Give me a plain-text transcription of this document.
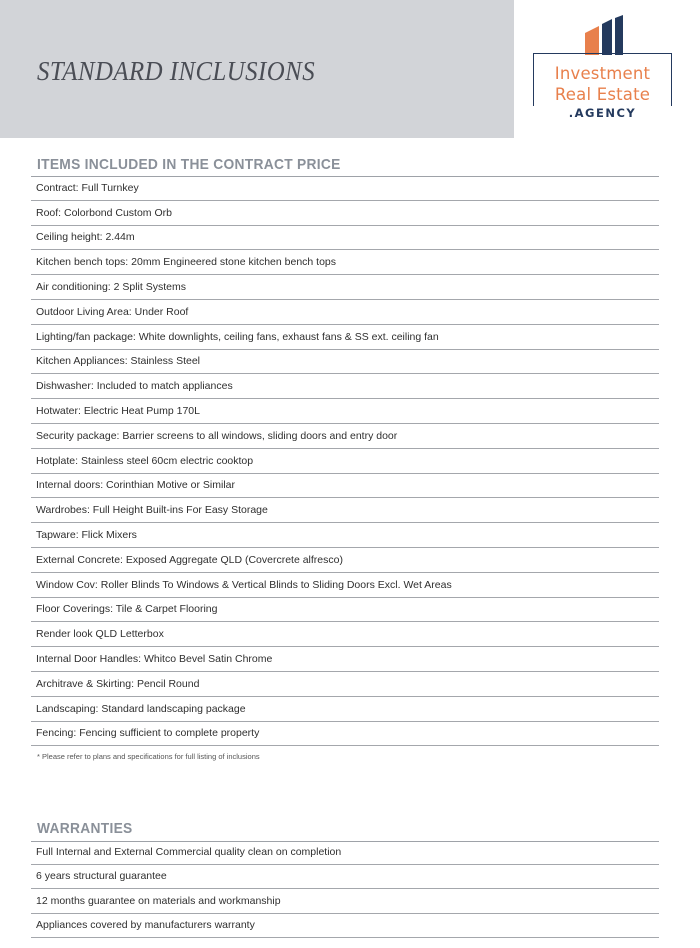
STANDARD INCLUSIONS	Investment
Real Estate
.AGENCY
ITEMS INCLUDED IN THE CONTRACT PRICE
Contract: Full Turnkey
Roof: Colorbond Custom Orb
Ceiling height: 2.44m
Kitchen bench tops: 20mm Engineered stone kitchen bench tops
Air conditioning: 2 Split Systems
Outdoor Living Area: Under Roof
Lighting/fan package: White downlights, ceiling fans, exhaust fans & SS ext. ceiling fan
Kitchen Appliances: Stainless Steel
Dishwasher: Included to match appliances
Hotwater: Electric Heat Pump 170L
Security package: Barrier screens to all windows, sliding doors and entry door
Hotplate: Stainless steel 60cm electric cooktop
Internal doors: Corinthian Motive or Similar
Wardrobes: Full Height Built-ins For Easy Storage
Tapware: Flick Mixers
External Concrete: Exposed Aggregate QLD (Covercrete alfresco)
Window Cov: Roller Blinds To Windows & Vertical Blinds to Sliding Doors Excl. Wet Areas
Floor Coverings: Tile & Carpet Flooring
Render look QLD Letterbox
Internal Door Handles: Whitco Bevel Satin Chrome
Architrave & Skirting: Pencil Round
Landscaping: Standard landscaping package
Fencing: Fencing sufficient to complete property
* Please refer to plans and specifications for full listing of inclusions
WARRANTIES
Full Internal and External Commercial quality clean on completion
6 years structural guarantee
12 months guarantee on materials and workmanship
Appliances covered by manufacturers warranty
